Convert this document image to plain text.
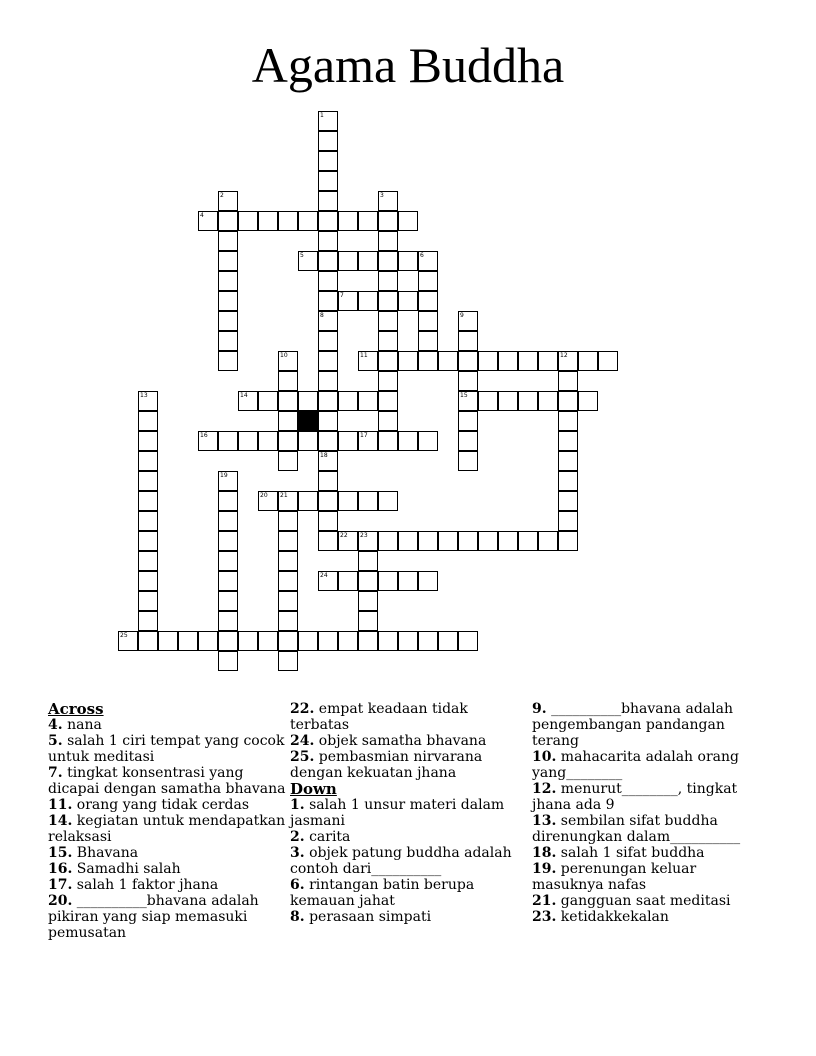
Agama Buddha
1
8
4
2	3
5	6
7
18
9
15
10	11	12
13	14
16	17
19
20 21
22 23
24
25
Across
4. nana
5. salah 1 ciri tempat yang cocok untuk meditasi
7. tingkat konsentrasi yang dicapai dengan samatha bhavana
11. orang yang tidak cerdas
14. kegiatan untuk mendapatkan relaksasi
15. Bhavana
16. Samadhi salah
17. salah 1 faktor jhana
20. __________bhavana adalah pikiran yang siap memasuki pemusatan
22. empat keadaan tidak terbatas
24. objek samatha bhavana
25. pembasmian nirvarana dengan kekuatan jhana
Down
1. salah 1 unsur materi dalam jasmani
2. carita
3. objek patung buddha adalah contoh dari__________
6. rintangan batin berupa kemauan jahat
8. perasaan simpati
9. __________bhavana adalah pengembangan pandangan terang
10. mahacarita adalah orang yang________
12. menurut________, tingkat jhana ada 9
13. sembilan sifat buddha direnungkan dalam__________
18. salah 1 sifat buddha
19. perenungan keluar masuknya nafas
21. gangguan saat meditasi
23. ketidakkekalan
